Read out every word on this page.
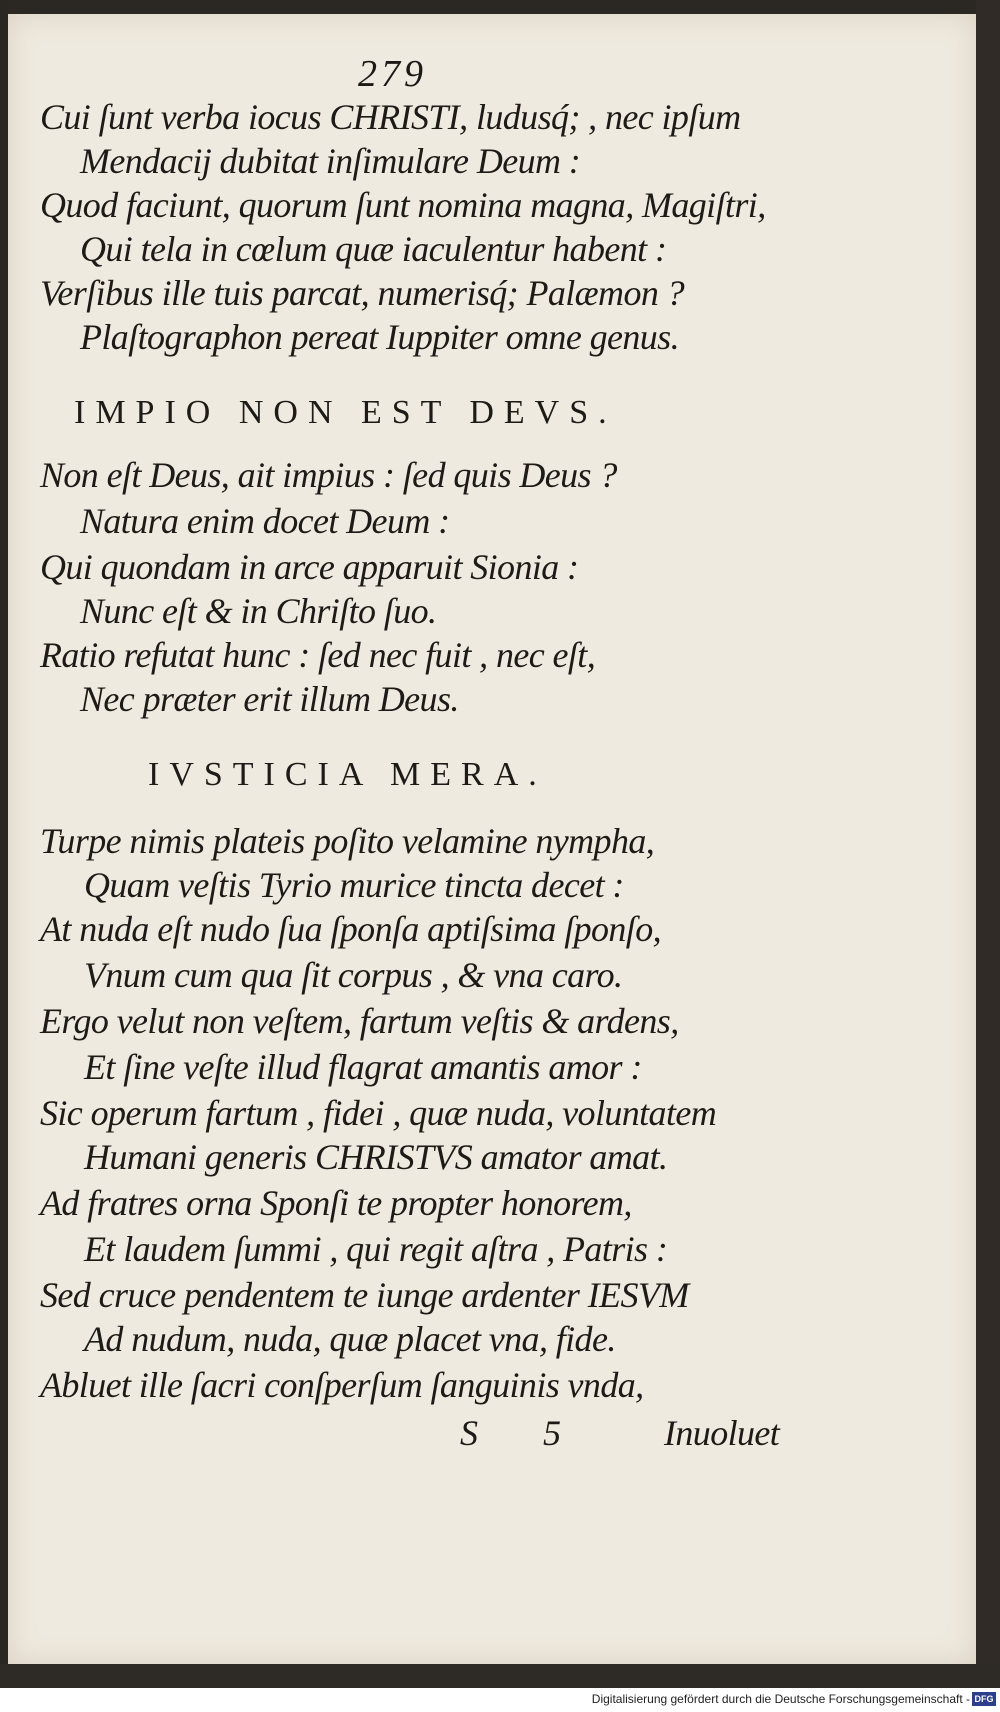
279
Cui ſunt verba iocus CHRISTI, ludusq́; , nec ipſum
Mendacij dubitat inſimulare Deum :
Quod faciunt, quorum ſunt nomina magna, Magiſtri,
Qui tela in cœlum quæ iaculentur habent :
Verſibus ille tuis parcat, numerisq́; Palæmon ?
Plaſtographon pereat Iuppiter omne genus.
IMPIO NON EST DEVS.
Non eſt Deus, ait impius : ſed quis Deus ?
Natura enim docet Deum :
Qui quondam in arce apparuit Sionia :
Nunc eſt & in Chriſto ſuo.
Ratio refutat hunc : ſed nec fuit , nec eſt,
Nec præter erit illum Deus.
IVSTICIA MERA.
Turpe nimis plateis poſito velamine nympha,
Quam veſtis Tyrio murice tincta decet :
At nuda eſt nudo ſua ſponſa aptiſsima ſponſo,
Vnum cum qua ſit corpus , & vna caro.
Ergo velut non veſtem, fartum veſtis & ardens,
Et ſine veſte illud flagrat amantis amor :
Sic operum fartum , fidei , quæ nuda, voluntatem
Humani generis CHRISTVS amator amat.
Ad fratres orna Sponſi te propter honorem,
Et laudem ſummi , qui regit aſtra , Patris :
Sed cruce pendentem te iunge ardenter IESVM
Ad nudum, nuda, quæ placet vna, fide.
Abluet ille ſacri conſperſum ſanguinis vnda,
S 5 Inuoluet
Digitalisierung gefördert durch die Deutsche Forschungsgemeinschaft - DFG
